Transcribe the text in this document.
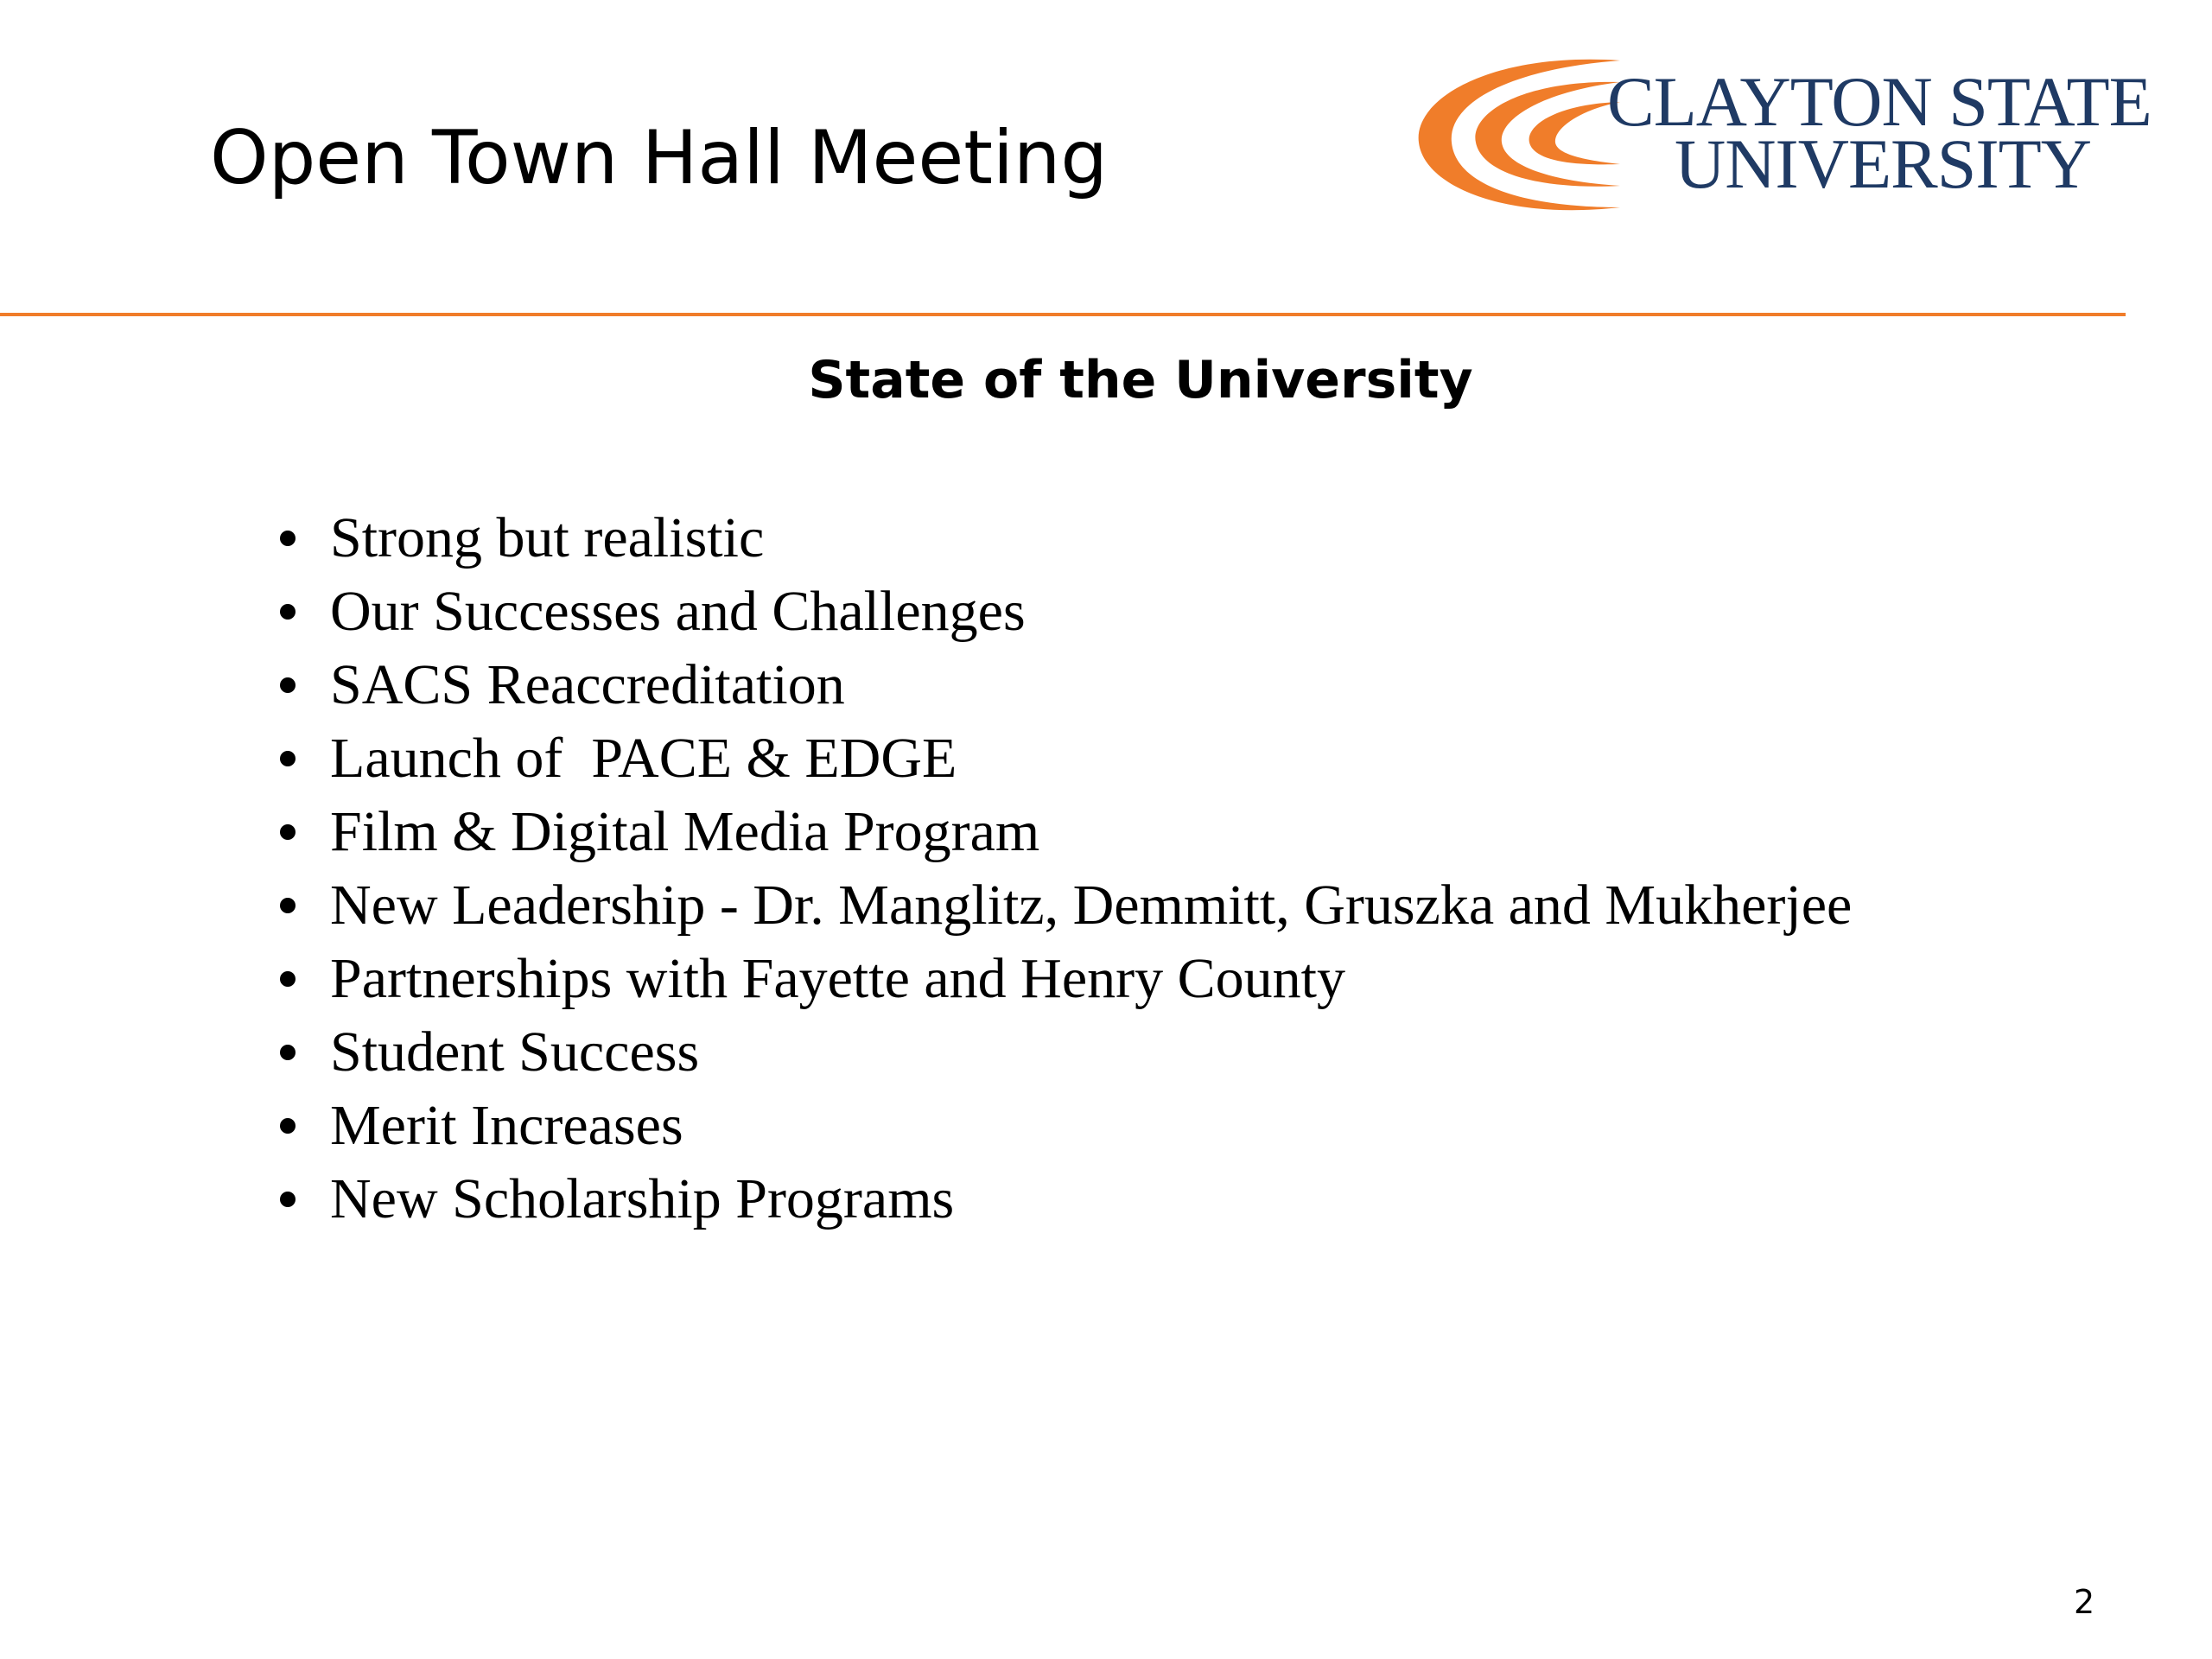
Open Town Hall Meeting
CLAYTON STATE
UNIVERSITY
State of the University
Strong but realistic
Our Successes and Challenges
SACS Reaccreditation
Launch of  PACE & EDGE
Film & Digital Media Program
New Leadership - Dr. Manglitz, Demmitt, Gruszka and Mukherjee
Partnerships with Fayette and Henry County
Student Success
Merit Increases
New Scholarship Programs
2
